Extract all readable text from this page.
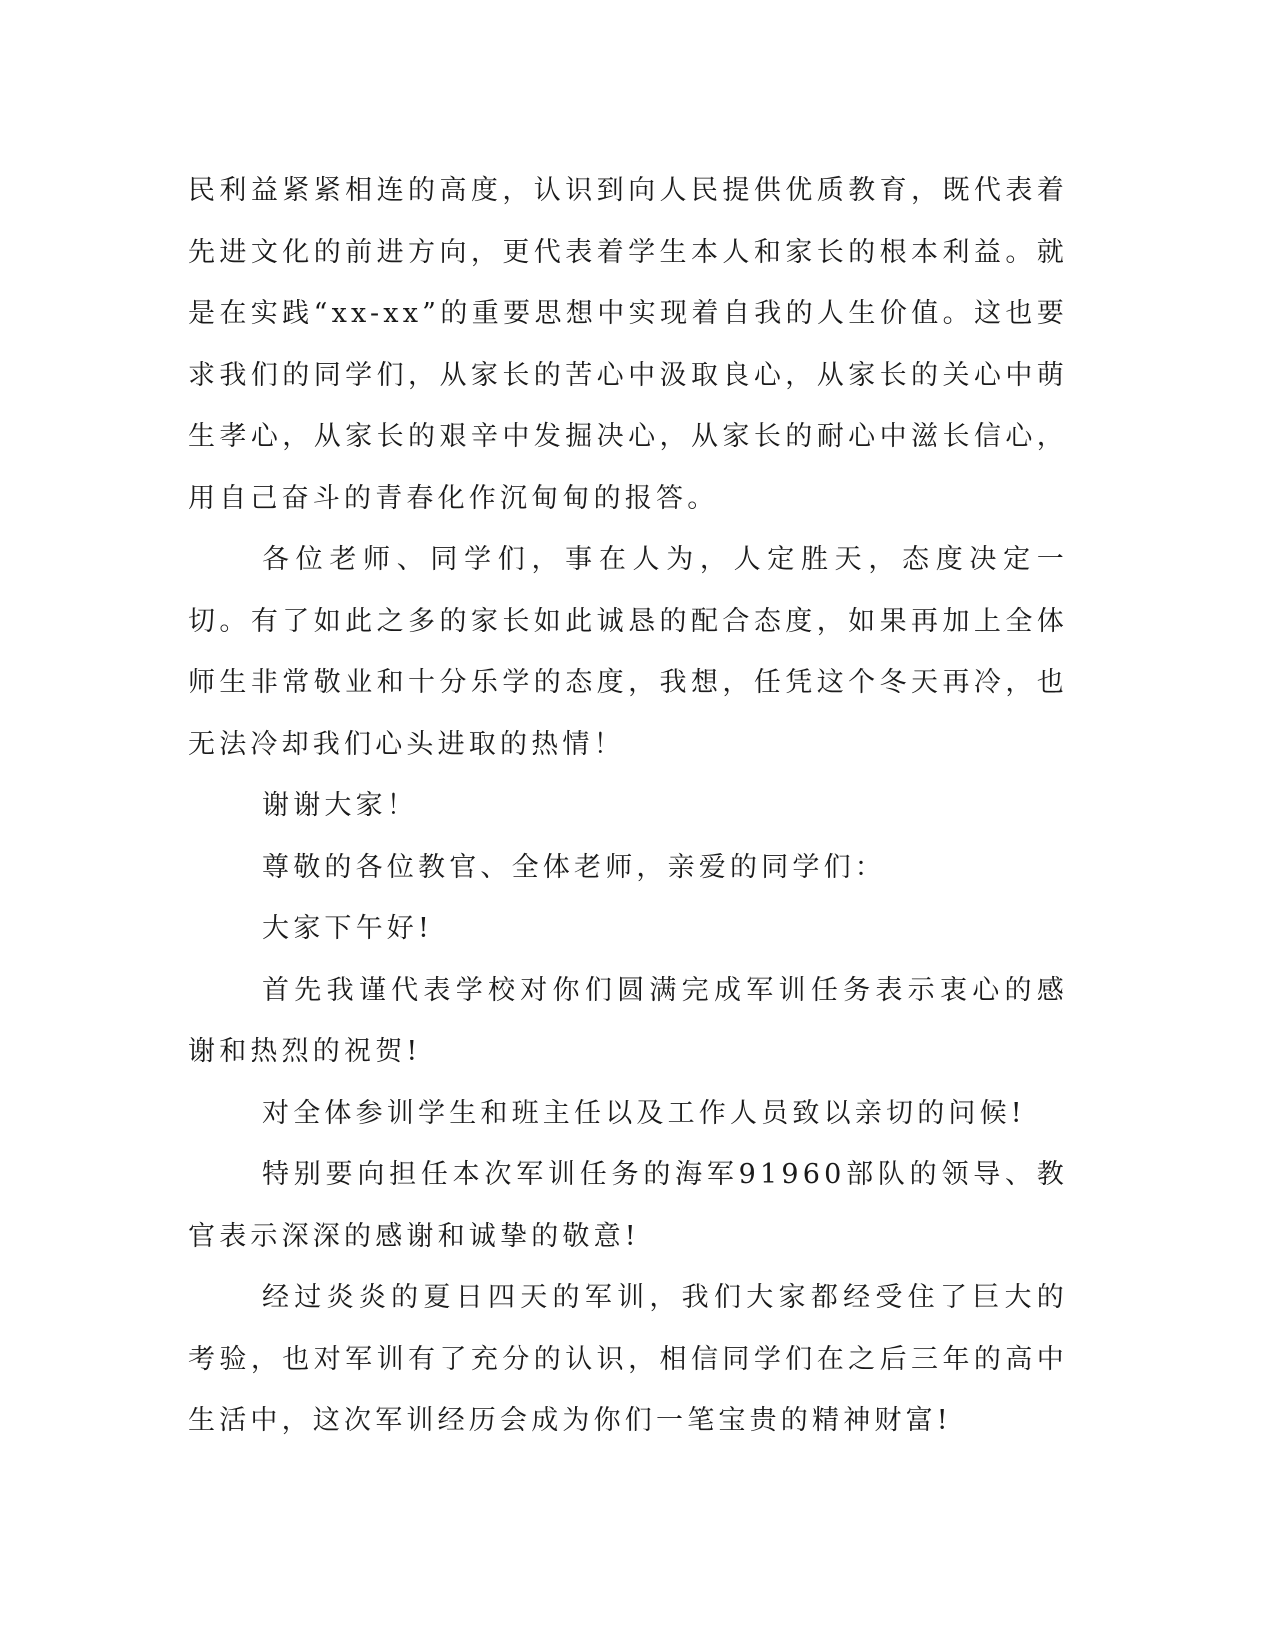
民利益紧紧相连的高度，认识到向人民提供优质教育，既代表着先进文化的前进方向，更代表着学生本人和家长的根本利益。就是在实践“xx-xx”的重要思想中实现着自我的人生价值。这也要求我们的同学们，从家长的苦心中汲取良心，从家长的关心中萌生孝心，从家长的艰辛中发掘决心，从家长的耐心中滋长信心，用自己奋斗的青春化作沉甸甸的报答。

各位老师、同学们，事在人为，人定胜天，态度决定一切。有了如此之多的家长如此诚恳的配合态度，如果再加上全体师生非常敬业和十分乐学的态度，我想，任凭这个冬天再冷，也无法冷却我们心头进取的热情！

谢谢大家！

尊敬的各位教官、全体老师，亲爱的同学们：

大家下午好!

首先我谨代表学校对你们圆满完成军训任务表示衷心的感谢和热烈的祝贺!

对全体参训学生和班主任以及工作人员致以亲切的问候!

特别要向担任本次军训任务的海军91960部队的领导、教官表示深深的感谢和诚挚的敬意!

经过炎炎的夏日四天的军训，我们大家都经受住了巨大的考验，也对军训有了充分的认识，相信同学们在之后三年的高中生活中，这次军训经历会成为你们一笔宝贵的精神财富!
